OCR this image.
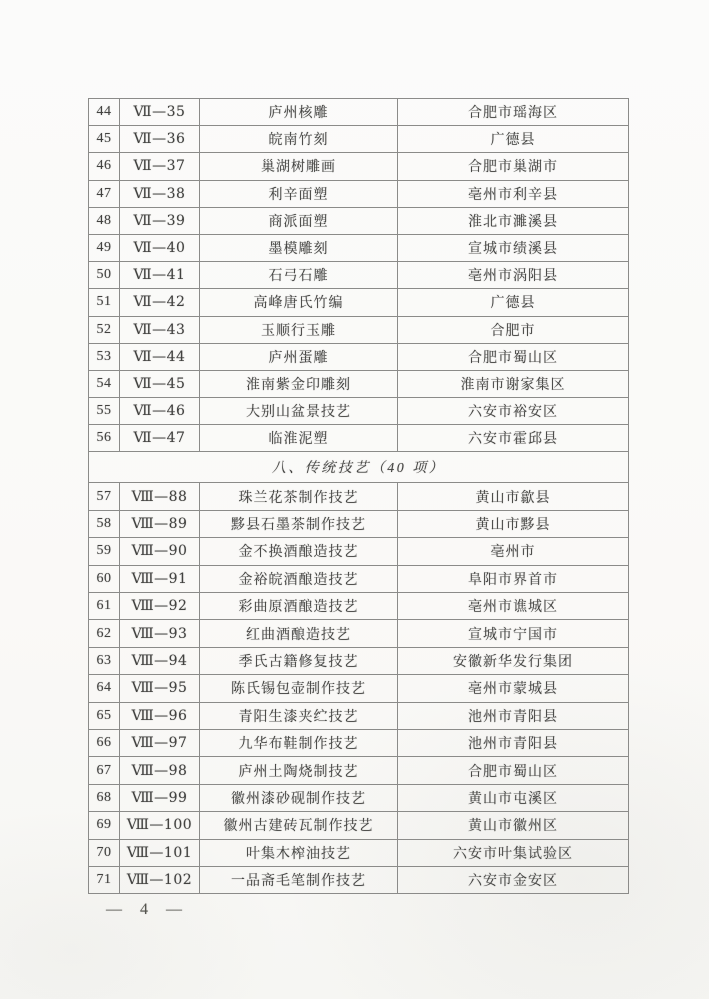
44	Ⅶ—35	庐州核雕	合肥市瑶海区
45	Ⅶ—36	皖南竹刻	广德县
46	Ⅶ—37	巢湖树雕画	合肥市巢湖市
47	Ⅶ—38	利辛面塑	亳州市利辛县
48	Ⅶ—39	商派面塑	淮北市濉溪县
49	Ⅶ—40	墨模雕刻	宣城市绩溪县
50	Ⅶ—41	石弓石雕	亳州市涡阳县
51	Ⅶ—42	高峰唐氏竹编	广德县
52	Ⅶ—43	玉顺行玉雕	合肥市
53	Ⅶ—44	庐州蛋雕	合肥市蜀山区
54	Ⅶ—45	淮南紫金印雕刻	淮南市谢家集区
55	Ⅶ—46	大别山盆景技艺	六安市裕安区
56	Ⅶ—47	临淮泥塑	六安市霍邱县
八、传统技艺（40 项）			
57	Ⅷ—88	珠兰花茶制作技艺	黄山市歙县
58	Ⅷ—89	黟县石墨茶制作技艺	黄山市黟县
59	Ⅷ—90	金不换酒酿造技艺	亳州市
60	Ⅷ—91	金裕皖酒酿造技艺	阜阳市界首市
61	Ⅷ—92	彩曲原酒酿造技艺	亳州市谯城区
62	Ⅷ—93	红曲酒酿造技艺	宣城市宁国市
63	Ⅷ—94	季氏古籍修复技艺	安徽新华发行集团
64	Ⅷ—95	陈氏锡包壶制作技艺	亳州市蒙城县
65	Ⅷ—96	青阳生漆夹纻技艺	池州市青阳县
66	Ⅷ—97	九华布鞋制作技艺	池州市青阳县
67	Ⅷ—98	庐州土陶烧制技艺	合肥市蜀山区
68	Ⅷ—99	徽州漆砂砚制作技艺	黄山市屯溪区
69	Ⅷ—100	徽州古建砖瓦制作技艺	黄山市徽州区
70	Ⅷ—101	叶集木榨油技艺	六安市叶集试验区
71	Ⅷ—102	一品斋毛笔制作技艺	六安市金安区
— 4 —
